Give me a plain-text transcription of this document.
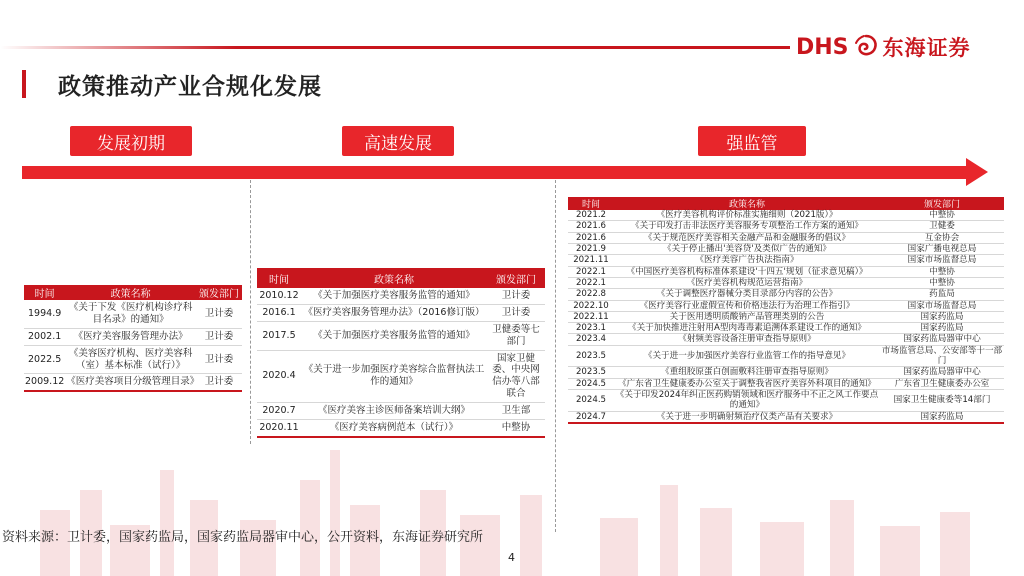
DHS 东海证券
政策推动产业合规化发展
发展初期	高速发展	强监管
时间	政策名称	颁发部门
1994.9	《关于下发《医疗机构诊疗科目名录》的通知》	卫计委
2002.1	《医疗美容服务管理办法》	卫计委
2022.5	《美容医疗机构、医疗美容科（室）基本标准（试行）》	卫计委
2009.12	《医疗美容项目分级管理目录》	卫计委
时间	政策名称	颁发部门
2010.12	《关于加强医疗美容服务监管的通知》	卫计委
2016.1	《医疗美容服务管理办法》（2016修订版）	卫计委
2017.5	《关于加强医疗美容服务监管的通知》	卫健委等七部门
2020.4	《关于进一步加强医疗美容综合监督执法工作的通知》	国家卫健委、中央网信办等八部联合
2020.7	《医疗美容主诊医师备案培训大纲》	卫生部
2020.11	《医疗美容病例范本（试行）》	中整协
时间	政策名称	颁发部门
2021.2	《医疗美容机构评价标准实施细则（2021版）》	中整协
2021.6	《关于印发打击非法医疗美容服务专项整治工作方案的通知》	卫健委
2021.6	《关于规范医疗美容相关金融产品和金融服务的倡议》	互金协会
2021.9	《关于停止播出'美容贷'及类似广告的通知》	国家广播电视总局
2021.11	《医疗美容广告执法指南》	国家市场监督总局
2022.1	《中国医疗美容机构标准体系建设'十四五'规划（征求意见稿）》	中整协
2022.1	《医疗美容机构规范运营指南》	中整协
2022.8	《关于调整医疗器械分类目录部分内容的公告》	药监局
2022.10	《医疗美容行业虚假宣传和价格违法行为治理工作指引》	国家市场监督总局
2022.11	关于医用透明质酸钠产品管理类别的公告	国家药监局
2023.1	《关于加快推进注射用A型肉毒毒素追溯体系建设工作的通知》	国家药监局
2023.4	《射频美容设备注册审查指导原则》	国家药监局器审中心
2023.5	《关于进一步加强医疗美容行业监管工作的指导意见》	市场监管总局、公安部等十一部门
2023.5	《重组胶原蛋白创面敷料注册审查指导原则》	国家药监局器审中心
2024.5	《广东省卫生健康委办公室关于调整我省医疗美容外科项目的通知》	广东省卫生健康委办公室
2024.5	《关于印发2024年纠正医药购销领域和医疗服务中不正之风工作要点的通知》	国家卫生健康委等14部门
2024.7	《关于进一步明确射频治疗仪类产品有关要求》	国家药监局
资料来源：卫计委，国家药监局，国家药监局器审中心，公开资料，东海证券研究所
4
